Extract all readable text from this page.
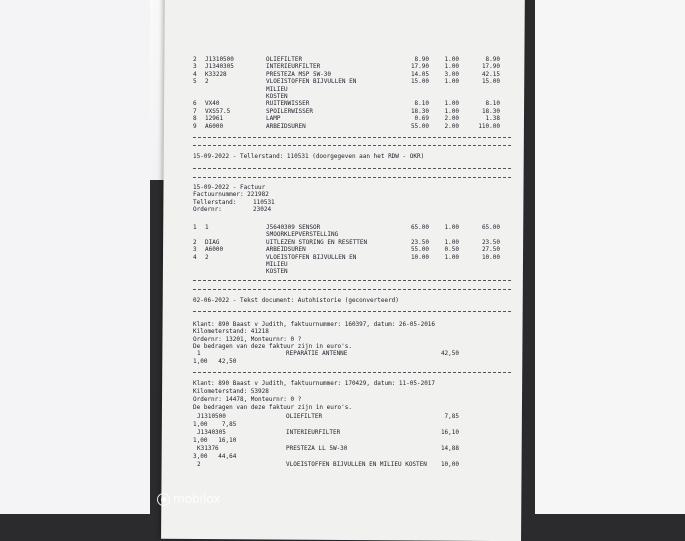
2 J1310500	OLIEFILTER	8.90	1.00	8.90
3 J1340305	INTERIEURFILTER	17.90	1.00	17.90
4 K33228	PRESTEZA MSP 5W-30	14.05	3.00	42.15
5 2	VLOEISTOFFEN BIJVULLEN EN	15.00	1.00	15.00
MILIEU
KOSTEN
6 VX40	RUITENWISSER	8.10	1.00	8.10
7 VXS57.5	SPOILERWISSER	18.30	1.00	18.30
8 12961	LAMP	0.69	2.00	1.38
9 A6000	ARBEIDSUREN	55.00	2.00	110.00
15-09-2022 - Tellerstand: 110531 (doorgegeven aan het RDW - OKR)
15-09-2022 - Factuur
Factuurnummer: 221982
Tellerstand:	110531
Ordernr:	23024
1 1	J5640309 SENSOR	65.00	1.00	65.00
SMOORKLEPVERSTELLING
2 DIAG	UITLEZEN STORING EN RESETTEN	23.50	1.00	23.50
3 A6000	ARBEIDSUREN	55.00	0.50	27.50
4 2	VLOEISTOFFEN BIJVULLEN EN	10.00	1.00	10.00
MILIEU
KOSTEN
02-06-2022 - Tekst document: Autohistorie (geconverteerd)
Klant: 890 Baast v Judith, faktuurnummer: 160397, datum: 26-05-2016
Kilometerstand: 41218
Ordernr: 13201, Monteurnr: 0 ?
De bedragen van deze faktuur zijn in euro's.
1	REPARATIE ANTENNE	42,50
1,00   42,50
Klant: 890 Baast v Judith, faktuurnummer: 170429, datum: 11-05-2017
Kilometerstand: 53928
Ordernr: 14478, Monteurnr: 0 ?
De bedragen van deze faktuur zijn in euro's.
J1310500	OLIEFILTER	7,85
1,00    7,85
J1340305	INTERIEURFILTER	16,10
1,00   16,10
K31376	PRESTEZA LL 5W-30	14,88
3,00   44,64
2	VLOEISTOFFEN BIJVULLEN EN MILIEU KOSTEN 10,00
mobilox
